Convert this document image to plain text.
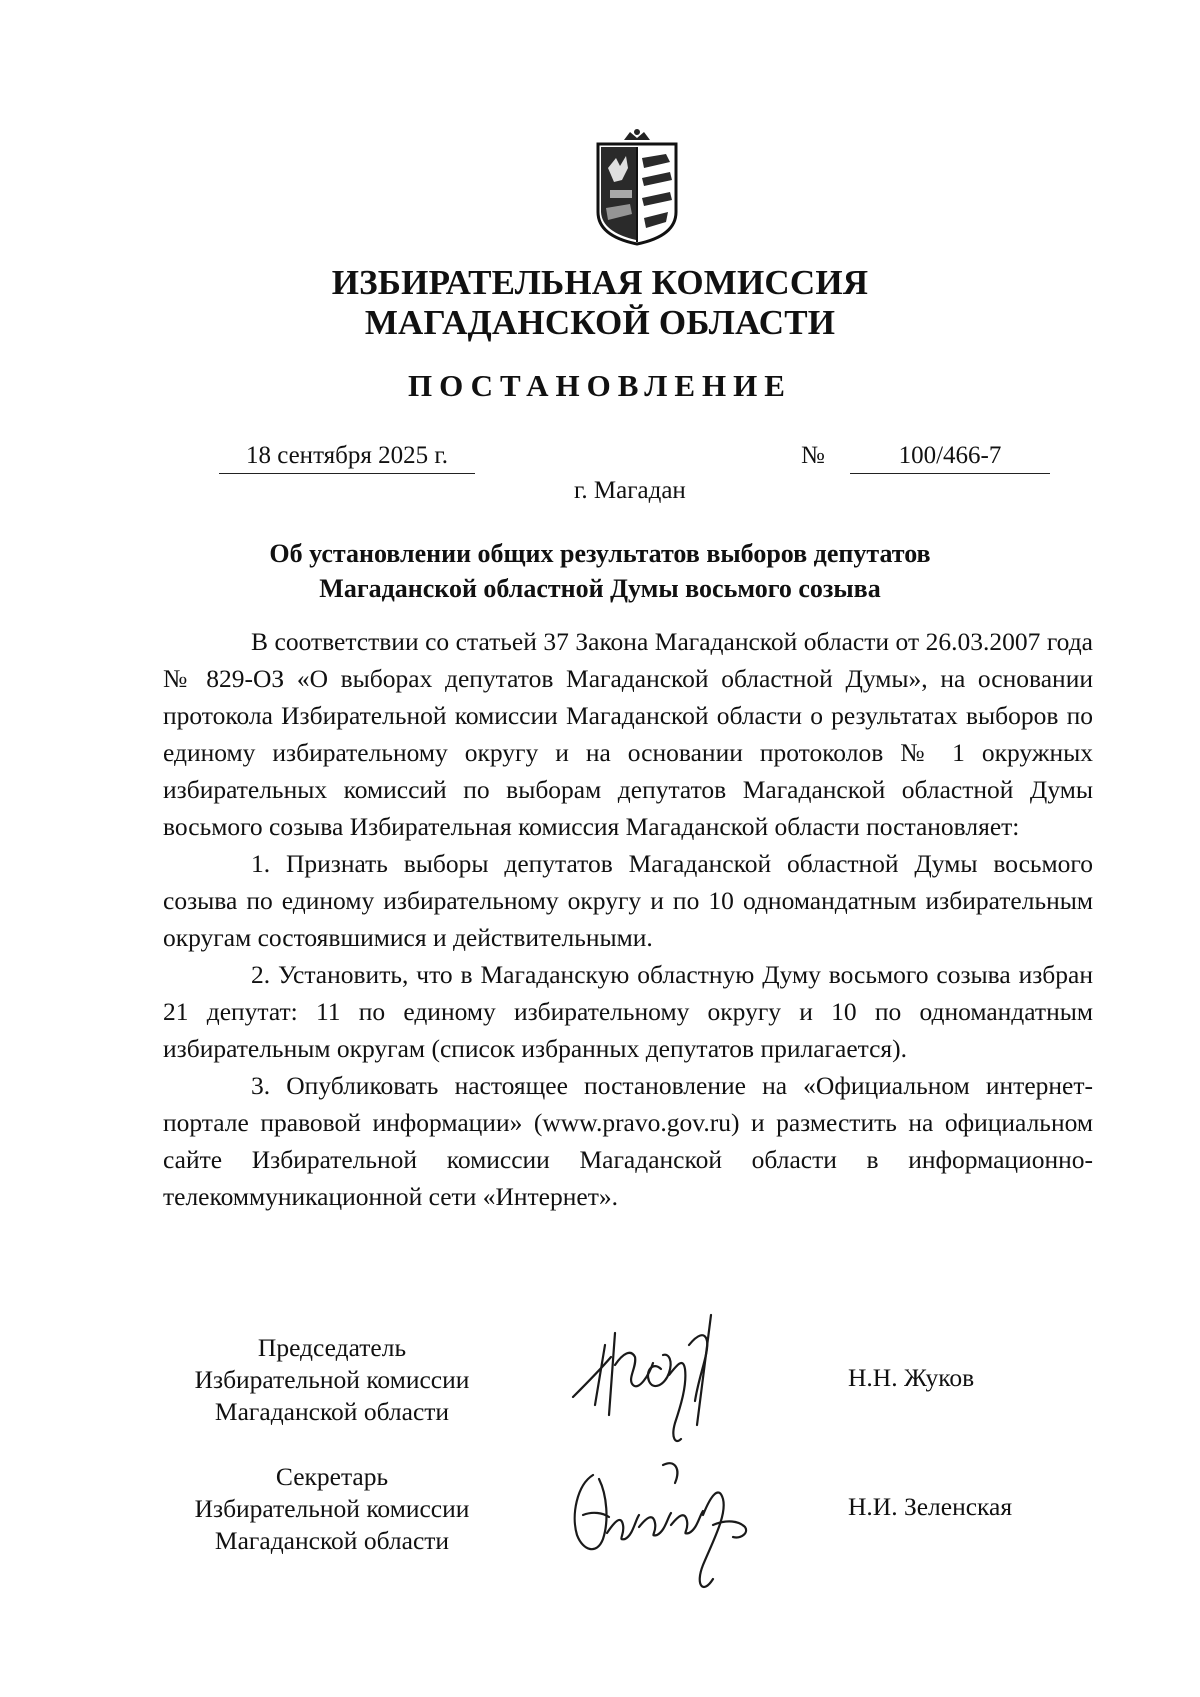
ИЗБИРАТЕЛЬНАЯ КОМИССИЯ
МАГАДАНСКОЙ ОБЛАСТИ
ПОСТАНОВЛЕНИЕ
18 сентября 2025 г.	№	100/466-7
г. Магадан
Об установлении общих результатов выборов депутатов
Магаданской областной Думы восьмого созыва

В соответствии со статьей 37 Закона Магаданской области от 26.03.2007 года № 829-ОЗ «О выборах депутатов Магаданской областной Думы», на основании протокола Избирательной комиссии Магаданской области о результатах выборов по единому избирательному округу и на основании протоколов № 1 окружных избирательных комиссий по выборам депутатов Магаданской областной Думы восьмого созыва Избирательная комиссия Магаданской области постановляет:

1. Признать выборы депутатов Магаданской областной Думы восьмого созыва по единому избирательному округу и по 10 одномандатным избирательным округам состоявшимися и действительными.

2. Установить, что в Магаданскую областную Думу восьмого созыва избран 21 депутат: 11 по единому избирательному округу и 10 по одномандатным избирательным округам (список избранных депутатов прилагается).

3. Опубликовать настоящее постановление на «Официальном интернет-портале правовой информации» (www.pravo.gov.ru) и разместить на официальном сайте Избирательной комиссии Магаданской области в информационно-телекоммуникационной сети «Интернет».

Председатель
Избирательной комиссии
Магаданской области
Н.Н. Жуков
Секретарь
Избирательной комиссии
Магаданской области
Н.И. Зеленская
